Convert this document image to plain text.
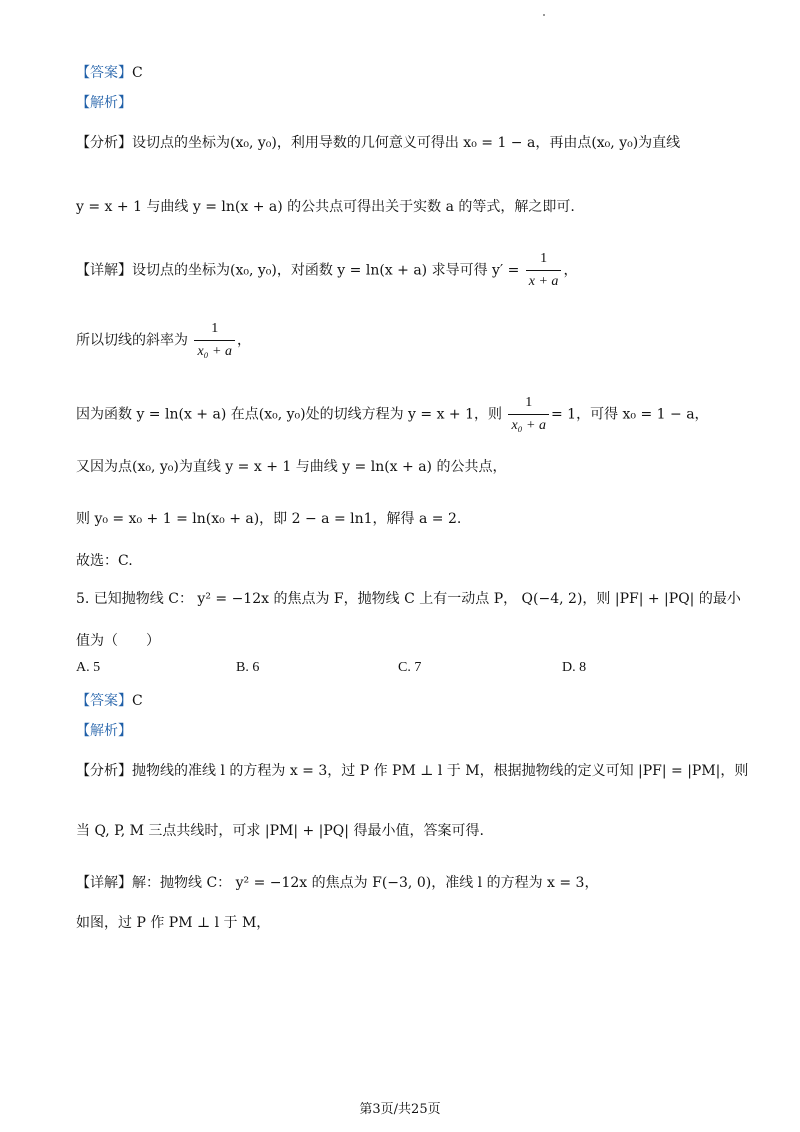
【答案】C
【解析】
【分析】设切点的坐标为(x₀, y₀)，利用导数的几何意义可得出 x₀ = 1 − a，再由点(x₀, y₀)为直线
y = x + 1 与曲线 y = ln(x + a) 的公共点可得出关于实数 a 的等式，解之即可.
【详解】设切点的坐标为(x₀, y₀)，对函数 y = ln(x + a) 求导可得 $y' = \frac{1}{x + a}$ ，
所以切线的斜率为 $\frac{1}{\text{x₀ + a}}$ ，
因为函数 y = ln(x + a) 在点(x₀, y₀)处的切线方程为 y = x + 1，则 $\frac{1}{\text{x₀ + a}} = 1$，可得 x₀ = 1 − a，
又因为点(x₀, y₀)为直线 y = x + 1 与曲线 y = ln(x + a) 的公共点，
则 y₀ = x₀ + 1 = ln(x₀ + a)，即 2 − a = ln1，解得 a = 2.
故选：C.
5. 已知抛物线 C： y² = −12x 的焦点为 F，抛物线 C 上有一动点 P， Q(−4, 2)，则 |PF| + |PQ| 的最小
值为（　　）
A. 5	B. 6	C. 7	D. 8
【答案】C
【解析】
【分析】抛物线的准线 l 的方程为 x = 3，过 P 作 PM ⊥ l 于 M，根据抛物线的定义可知 |PF| = |PM|，则
当 Q, P, M 三点共线时，可求 |PM| + |PQ| 得最小值，答案可得.
【详解】解：抛物线 C： y² = −12x 的焦点为 F(−3, 0)，准线 l 的方程为 x = 3，
如图，过 P 作 PM ⊥ l 于 M，
第3页/共25页
